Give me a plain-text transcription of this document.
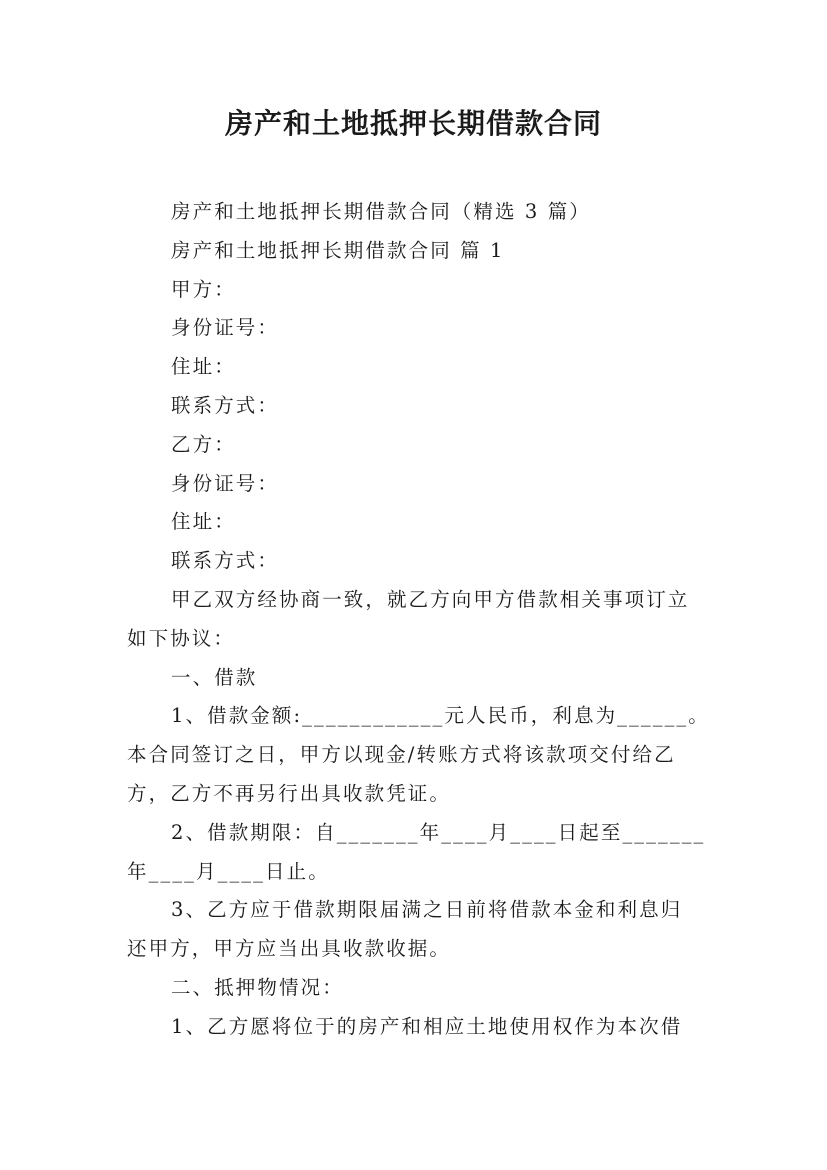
房产和土地抵押长期借款合同
房产和土地抵押长期借款合同（精选 3 篇）
房产和土地抵押长期借款合同 篇 1
甲方：
身份证号：
住址：
联系方式：
乙方：
身份证号：
住址：
联系方式：
甲乙双方经协商一致，就乙方向甲方借款相关事项订立
如下协议：
一、借款
1、借款金额:____________元人民币，利息为______。
本合同签订之日，甲方以现金/转账方式将该款项交付给乙
方，乙方不再另行出具收款凭证。
2、借款期限：自_______年____月____日起至_______
年____月____日止。
3、乙方应于借款期限届满之日前将借款本金和利息归
还甲方，甲方应当出具收款收据。
二、抵押物情况：
1、乙方愿将位于的房产和相应土地使用权作为本次借
